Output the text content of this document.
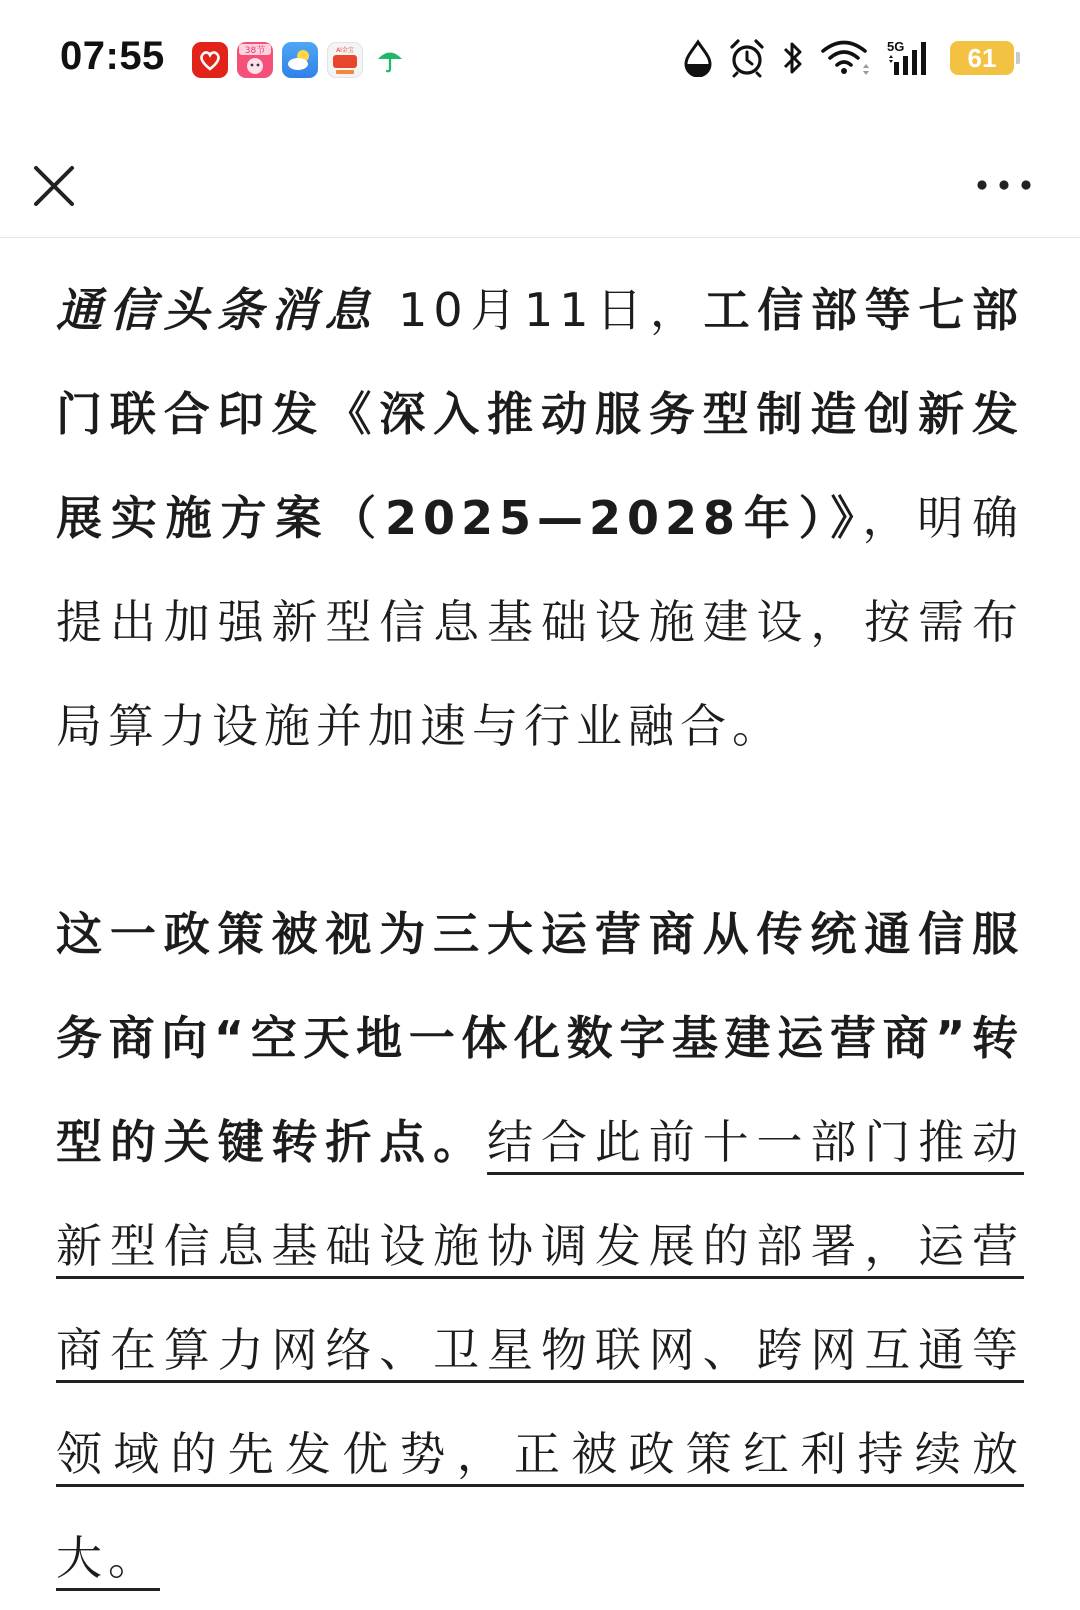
07:55	38节	AI金宝	5G 61

通信头条消息 10月11日，工信部等七部门联合印发《深入推动服务型制造创新发展实施方案（2025—2028年）》，明确提出加强新型信息基础设施建设，按需布局算力设施并加速与行业融合。

这一政策被视为三大运营商从传统通信服务商向“空天地一体化数字基建运营商”转型的关键转折点。结合此前十一部门推动新型信息基础设施协调发展的部署，运营商在算力网络、卫星物联网、跨网互通等领域的先发优势，正被政策红利持续放大。
